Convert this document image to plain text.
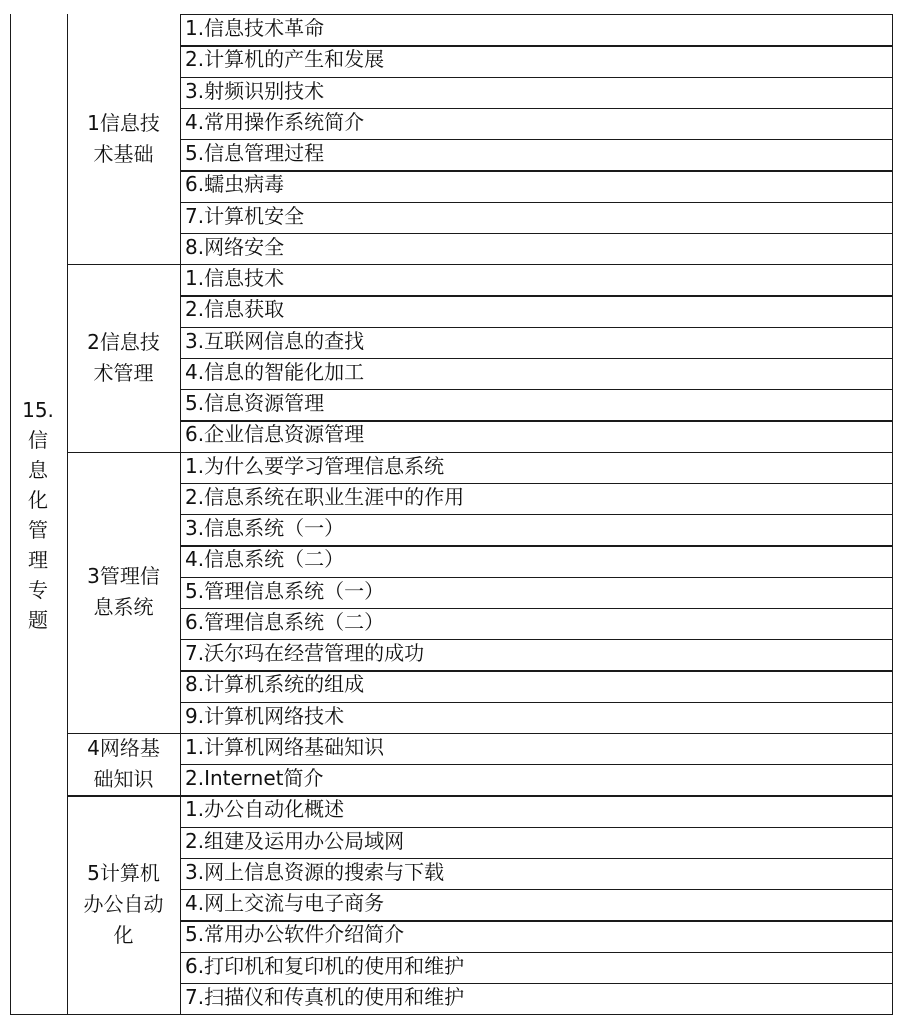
15.
信
息
化
管
理
专
题
1信息技
术基础
1.信息技术革命
2.计算机的产生和发展
3.射频识别技术
4.常用操作系统简介
5.信息管理过程
6.蠕虫病毒
7.计算机安全
8.网络安全
2信息技
术管理
1.信息技术
2.信息获取
3.互联网信息的查找
4.信息的智能化加工
5.信息资源管理
6.企业信息资源管理
3管理信
息系统
1.为什么要学习管理信息系统
2.信息系统在职业生涯中的作用
3.信息系统（一）
4.信息系统（二）
5.管理信息系统（一）
6.管理信息系统（二）
7.沃尔玛在经营管理的成功
8.计算机系统的组成
9.计算机网络技术
4网络基
础知识
1.计算机网络基础知识
2.Internet简介
5计算机
办公自动
化
1.办公自动化概述
2.组建及运用办公局域网
3.网上信息资源的搜索与下载
4.网上交流与电子商务
5.常用办公软件介绍简介
6.打印机和复印机的使用和维护
7.扫描仪和传真机的使用和维护
